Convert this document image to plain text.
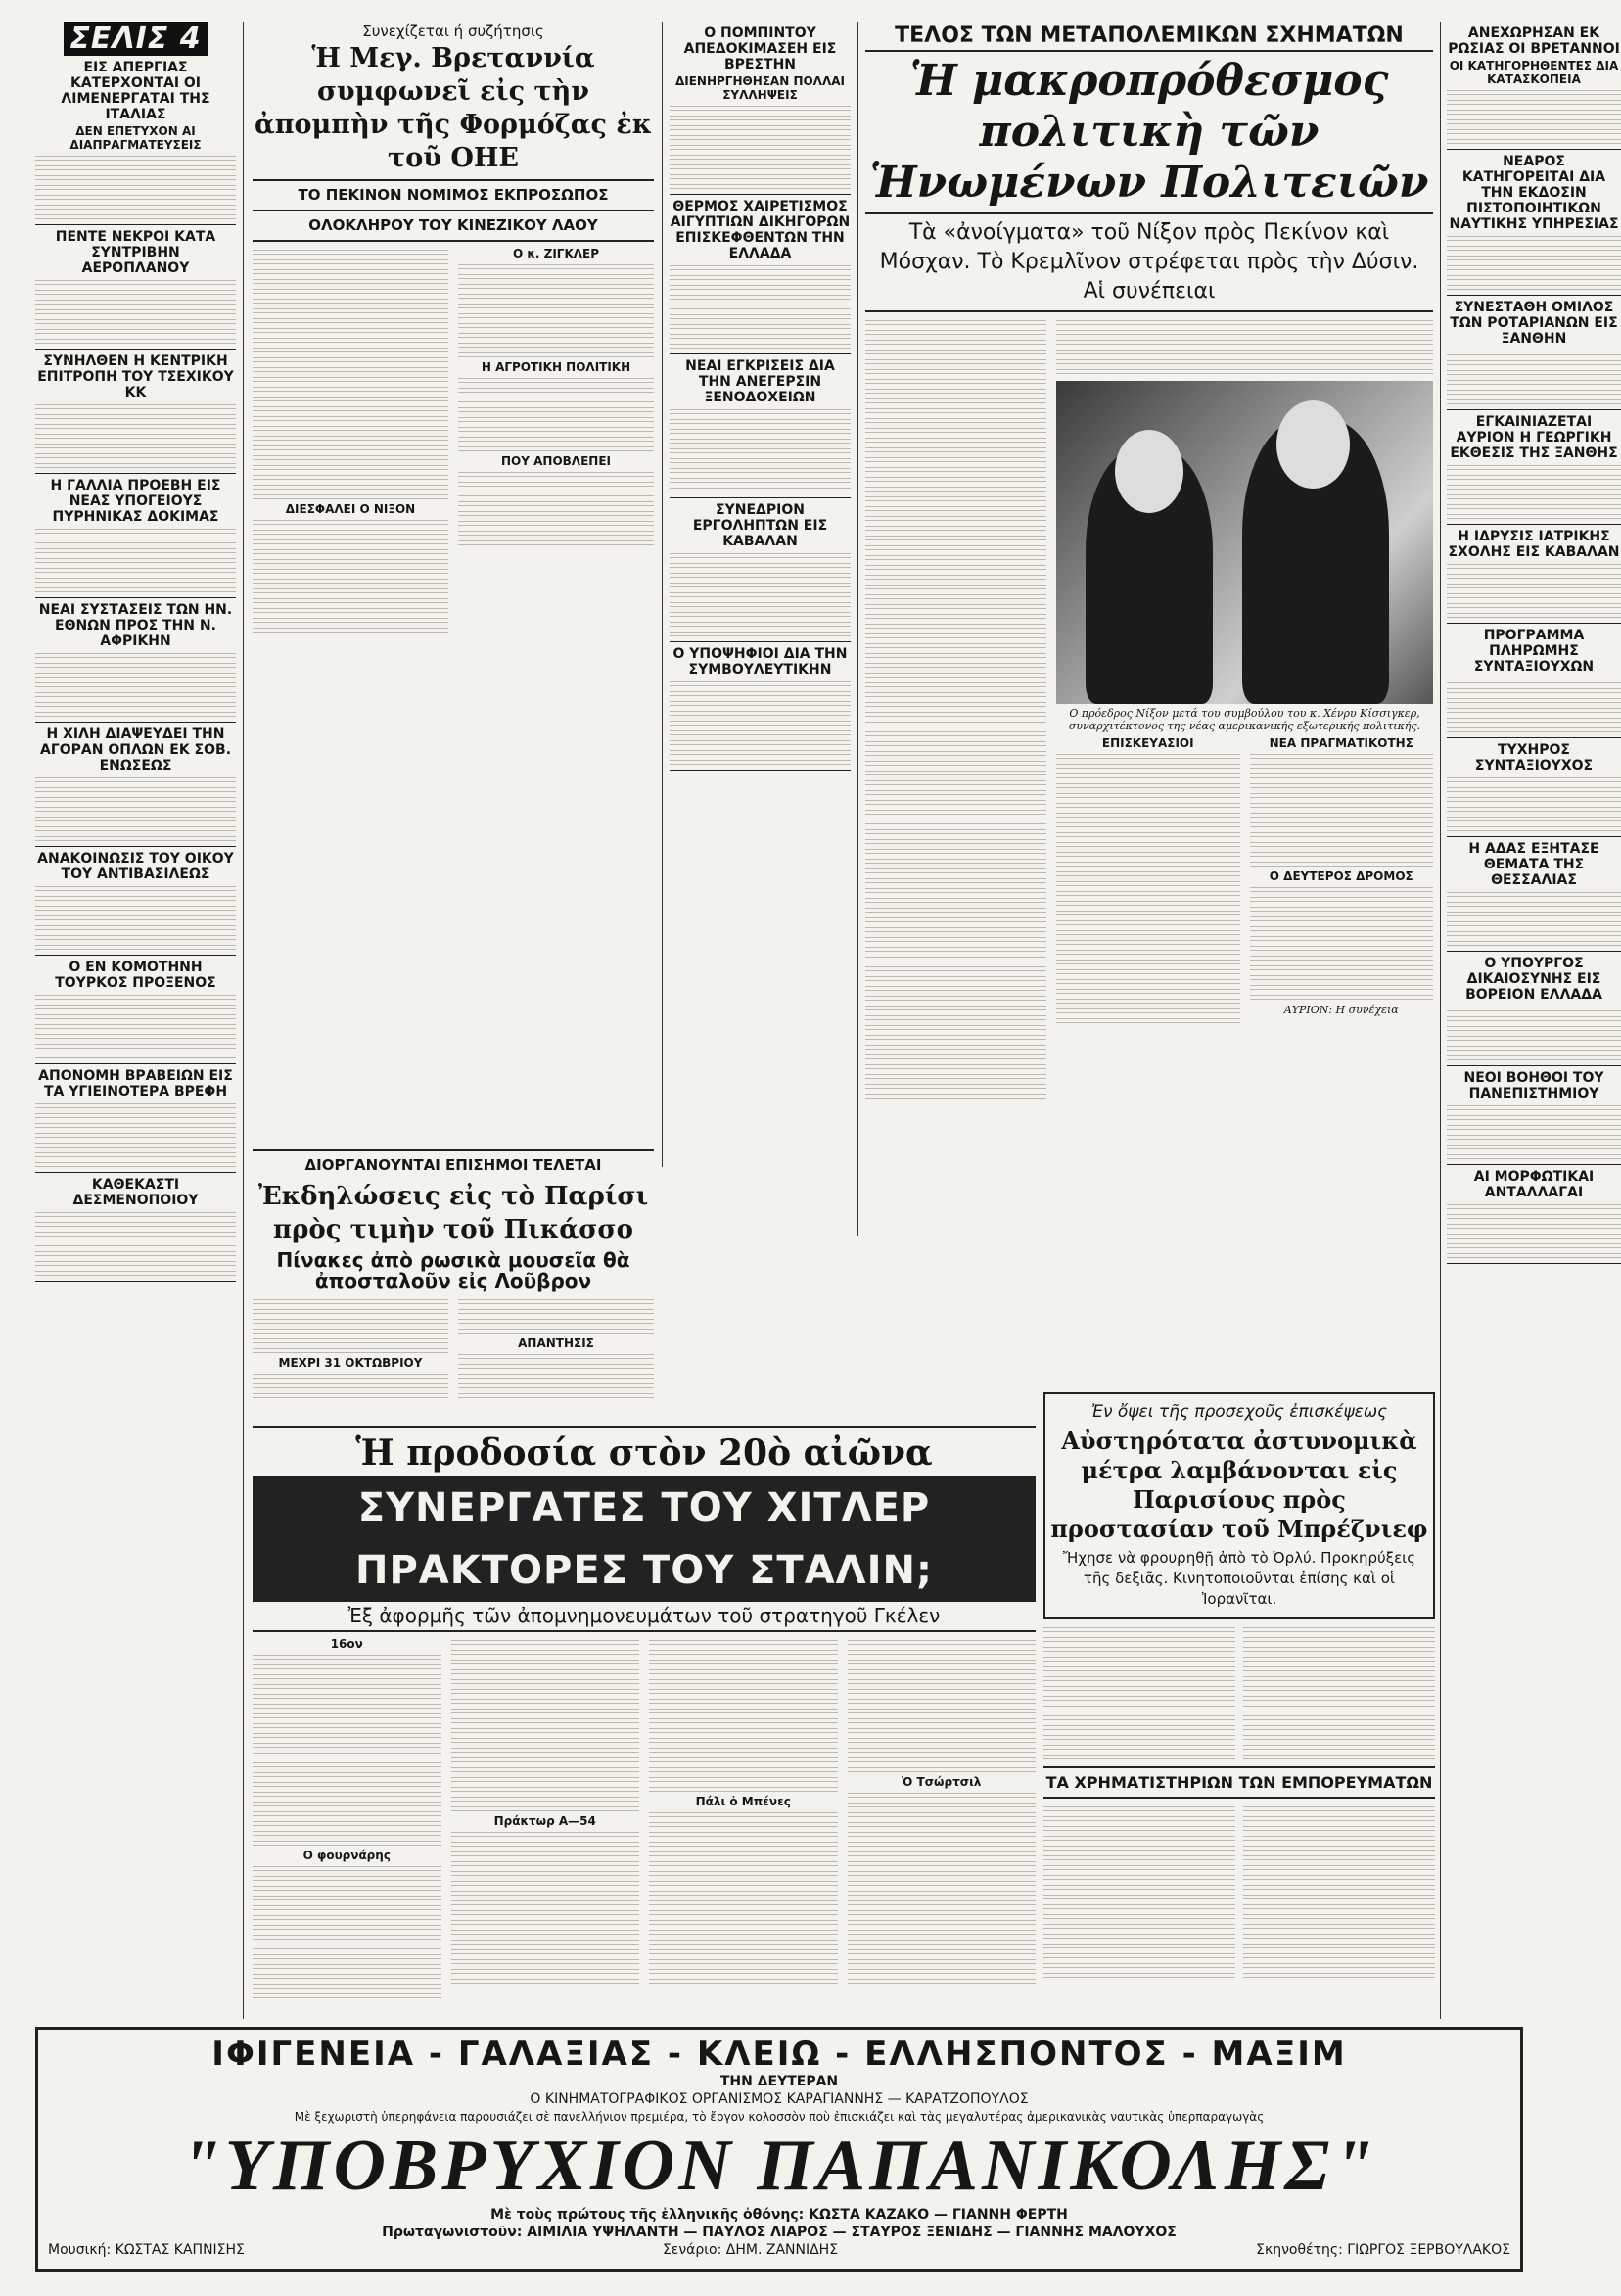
ΣΕΛΙΣ 4
ΕΙΣ ΑΠΕΡΓΙΑΣ ΚΑΤΕΡΧΟΝΤΑΙ ΟΙ ΛΙΜΕΝΕΡΓΑΤΑΙ ΤΗΣ ΙΤΑΛΙΑΣ
ΔΕΝ ΕΠΕΤΥΧΟΝ ΑΙ ΔΙΑΠΡΑΓΜΑΤΕΥΣΕΙΣ
ΠΕΝΤΕ ΝΕΚΡΟΙ ΚΑΤΑ ΣΥΝΤΡΙΒΗΝ ΑΕΡΟΠΛΑΝΟΥ
ΣΥΝΗΛΘΕΝ Η ΚΕΝΤΡΙΚΗ ΕΠΙΤΡΟΠΗ ΤΟΥ ΤΣΕΧΙΚΟΥ ΚΚ
Η ΓΑΛΛΙΑ ΠΡΟΕΒΗ ΕΙΣ ΝΕΑΣ ΥΠΟΓΕΙΟΥΣ ΠΥΡΗΝΙΚΑΣ ΔΟΚΙΜΑΣ
ΝΕΑΙ ΣΥΣΤΑΣΕΙΣ ΤΩΝ ΗΝ. ΕΘΝΩΝ ΠΡΟΣ ΤΗΝ Ν. ΑΦΡΙΚΗΝ
Η ΧΙΛΗ ΔΙΑΨΕΥΔΕΙ ΤΗΝ ΑΓΟΡΑΝ ΟΠΛΩΝ ΕΚ ΣΟΒ. ΕΝΩΣΕΩΣ
ΑΝΑΚΟΙΝΩΣΙΣ ΤΟΥ ΟΙΚΟΥ ΤΟΥ ΑΝΤΙΒΑΣΙΛΕΩΣ
Ο ΕΝ ΚΟΜΟΤΗΝΗ ΤΟΥΡΚΟΣ ΠΡΟΞΕΝΟΣ
ΑΠΟΝΟΜΗ ΒΡΑΒΕΙΩΝ ΕΙΣ ΤΑ ΥΓΙΕΙΝΟΤΕΡΑ ΒΡΕΦΗ
ΚΑΘΕΚΑΣΤΙ ΔΕΣΜΕΝΟΠΟΙΟΥ
Συνεχίζεται ή συζήτησις
Ἡ Μεγ. Βρεταννία συμφωνεῖ εἰς τὴν ἀπομπὴν τῆς Φορμόζας ἐκ τοῦ ΟΗΕ
ΤΟ ΠΕΚΙΝΟΝ ΝΟΜΙΜΟΣ ΕΚΠΡΟΣΩΠΟΣ
ΟΛΟΚΛΗΡΟΥ ΤΟΥ ΚΙΝΕΖΙΚΟΥ ΛΑΟΥ
ΔΙΕΣΦΑΛΕΙ Ο ΝΙΞΟΝ
Ο κ. ΖΙΓΚΛΕΡ
Η ΑΓΡΟΤΙΚΗ ΠΟΛΙΤΙΚΗ
ΠΟΥ ΑΠΟΒΛΕΠΕΙ
ΔΙΟΡΓΑΝΟΥΝΤΑΙ ΕΠΙΣΗΜΟΙ ΤΕΛΕΤΑΙ
Ἐκδηλώσεις εἰς τὸ Παρίσι πρὸς τιμὴν τοῦ Πικάσσο
Πίνακες ἀπὸ ρωσικὰ μουσεῖα θὰ ἀποσταλοῦν εἰς Λοῦβρον
ΜΕΧΡΙ 31 ΟΚΤΩΒΡΙΟΥ
ΑΠΑΝΤΗΣΙΣ
Ο ΠΟΜΠΙΝΤΟΥ ΑΠΕΔΟΚΙΜΑΣΕΗ ΕΙΣ ΒΡΕΣΤΗΝ
ΔΙΕΝΗΡΓΗΘΗΣΑΝ ΠΟΛΛΑΙ ΣΥΛΛΗΨΕΙΣ
ΘΕΡΜΟΣ ΧΑΙΡΕΤΙΣΜΟΣ ΑΙΓΥΠΤΙΩΝ ΔΙΚΗΓΟΡΩΝ ΕΠΙΣΚΕΦΘΕΝΤΩΝ ΤΗΝ ΕΛΛΑΔΑ
ΝΕΑΙ ΕΓΚΡΙΣΕΙΣ ΔΙΑ ΤΗΝ ΑΝΕΓΕΡΣΙΝ ΞΕΝΟΔΟΧΕΙΩΝ
ΣΥΝΕΔΡΙΟΝ ΕΡΓΟΛΗΠΤΩΝ ΕΙΣ ΚΑΒΑΛΑΝ
Ο ΥΠΟΨΗΦΙΟΙ ΔΙΑ ΤΗΝ ΣΥΜΒΟΥΛΕΥΤΙΚΗΝ
ΤΕΛΟΣ ΤΩΝ ΜΕΤΑΠΟΛΕΜΙΚΩΝ ΣΧΗΜΑΤΩΝ
Ἡ μακροπρόθεσμος πολιτικὴ τῶν Ἡνωμένων Πολιτειῶν
Τὰ «ἀνοίγματα» τοῦ Νίξον πρὸς Πεκίνον καὶ Μόσχαν. Τὸ Κρεμλῖνον στρέφεται πρὸς τὴν Δύσιν. Αἱ συνέπειαι
Ο πρόεδρος Νίξον μετά του συμβούλου του κ. Χένρυ Κίσσιγκερ, συναρχιτέκτονος της νέας αμερικανικής εξωτερικής πολιτικής.
ΕΠΙΣΚΕΥΑΣΙΟΙ	ΝΕΑ ΠΡΑΓΜΑΤΙΚΟΤΗΣ
Ο ΔΕΥΤΕΡΟΣ ΔΡΟΜΟΣ
ΑΥΡΙΟΝ: Η συνέχεια
ΑΝΕΧΩΡΗΣΑΝ ΕΚ ΡΩΣΙΑΣ ΟΙ ΒΡΕΤΑΝΝΟΙ
ΟΙ ΚΑΤΗΓΟΡΗΘΕΝΤΕΣ ΔΙΑ ΚΑΤΑΣΚΟΠΕΙΑ
ΝΕΑΡΟΣ ΚΑΤΗΓΟΡΕΙΤΑΙ ΔΙΑ ΤΗΝ ΕΚΔΟΣΙΝ ΠΙΣΤΟΠΟΙΗΤΙΚΩΝ ΝΑΥΤΙΚΗΣ ΥΠΗΡΕΣΙΑΣ
ΣΥΝΕΣΤΑΘΗ ΟΜΙΛΟΣ ΤΩΝ ΡΟΤΑΡΙΑΝΩΝ ΕΙΣ ΞΑΝΘΗΝ
ΕΓΚΑΙΝΙΑΖΕΤΑΙ ΑΥΡΙΟΝ Η ΓΕΩΡΓΙΚΗ ΕΚΘΕΣΙΣ ΤΗΣ ΞΑΝΘΗΣ
Η ΙΔΡΥΣΙΣ ΙΑΤΡΙΚΗΣ ΣΧΟΛΗΣ ΕΙΣ ΚΑΒΑΛΑΝ
ΠΡΟΓΡΑΜΜΑ ΠΛΗΡΩΜΗΣ ΣΥΝΤΑΞΙΟΥΧΩΝ
ΤΥΧΗΡΟΣ ΣΥΝΤΑΞΙΟΥΧΟΣ
Η ΑΔΑΣ ΕΞΗΤΑΣΕ ΘΕΜΑΤΑ ΤΗΣ ΘΕΣΣΑΛΙΑΣ
Ο ΥΠΟΥΡΓΟΣ ΔΙΚΑΙΟΣΥΝΗΣ ΕΙΣ ΒΟΡΕΙΟΝ ΕΛΛΑΔΑ
ΝΕΟΙ ΒΟΗΘΟΙ ΤΟΥ ΠΑΝΕΠΙΣΤΗΜΙΟΥ
ΑΙ ΜΟΡΦΩΤΙΚΑΙ ΑΝΤΑΛΛΑΓΑΙ
Ἡ προδοσία στὸν 20ὸ αἰῶνα
ΣΥΝΕΡΓΑΤΕΣ ΤΟΥ ΧΙΤΛΕΡ ΠΡΑΚΤΟΡΕΣ ΤΟΥ ΣΤΑΛΙΝ;
Ἐξ ἀφορμῆς τῶν ἀπομνημονευμάτων τοῦ στρατηγοῦ Γκέλεν
16ον
Ο φουρνάρης
Πράκτωρ Α—54
Πάλι ὁ Μπένες
Ὁ Τσώρτσιλ
Ἐν ὄψει τῆς προσεχοῦς ἐπισκέψεως
Αὐστηρότατα ἀστυνομικὰ μέτρα λαμβάνονται εἰς Παρισίους πρὸς προστασίαν τοῦ Μπρέζνιεφ
Ἤχησε νὰ φρουρηθῇ ἀπὸ τὸ Ὀρλύ. Προκηρύξεις τῆς δεξιᾶς. Κινητοποιοῦνται ἐπίσης καὶ οἱ Ἰορανῖται.
ΤΑ ΧΡΗΜΑΤΙΣΤΗΡΙΩΝ ΤΩΝ ΕΜΠΟΡΕΥΜΑΤΩΝ
ΙΦΙΓΕΝΕΙΑ - ΓΑΛΑΞΙΑΣ - ΚΛΕΙΩ - ΕΛΛΗΣΠΟΝΤΟΣ - ΜΑΞΙΜ
ΤΗΝ ΔΕΥΤΕΡΑΝ
Ο ΚΙΝΗΜΑΤΟΓΡΑΦΙΚΟΣ ΟΡΓΑΝΙΣΜΟΣ ΚΑΡΑΓΙΑΝΝΗΣ — ΚΑΡΑΤΖΟΠΟΥΛΟΣ
Μὲ ξεχωριστὴ ὑπερηφάνεια παρουσιάζει σὲ πανελλήνιον πρεμιέρα, τὸ ἔργον κολοσσὸν ποὺ ἐπισκιάζει καὶ τὰς μεγαλυτέρας ἀμερικανικὰς ναυτικὰς ὑπερπαραγωγὰς
"ΥΠΟΒΡΥΧΙΟΝ ΠΑΠΑΝΙΚΟΛΗΣ"
Μὲ τοὺς πρώτους τῆς ἑλληνικῆς ὀθόνης: ΚΩΣΤΑ ΚΑΖΑΚΟ — ΓΙΑΝΝΗ ΦΕΡΤΗ
Πρωταγωνιστοῦν: ΑΙΜΙΛΙΑ ΥΨΗΛΑΝΤΗ — ΠΑΥΛΟΣ ΛΙΑΡΟΣ — ΣΤΑΥΡΟΣ ΞΕΝΙΔΗΣ — ΓΙΑΝΝΗΣ ΜΑΛΟΥΧΟΣ
Μουσική: ΚΩΣΤΑΣ ΚΑΠΝΙΣΗΣ	Σενάριο: ΔΗΜ. ΖΑΝΝΙΔΗΣ	Σκηνοθέτης: ΓΙΩΡΓΟΣ ΞΕΡΒΟΥΛΑΚΟΣ
